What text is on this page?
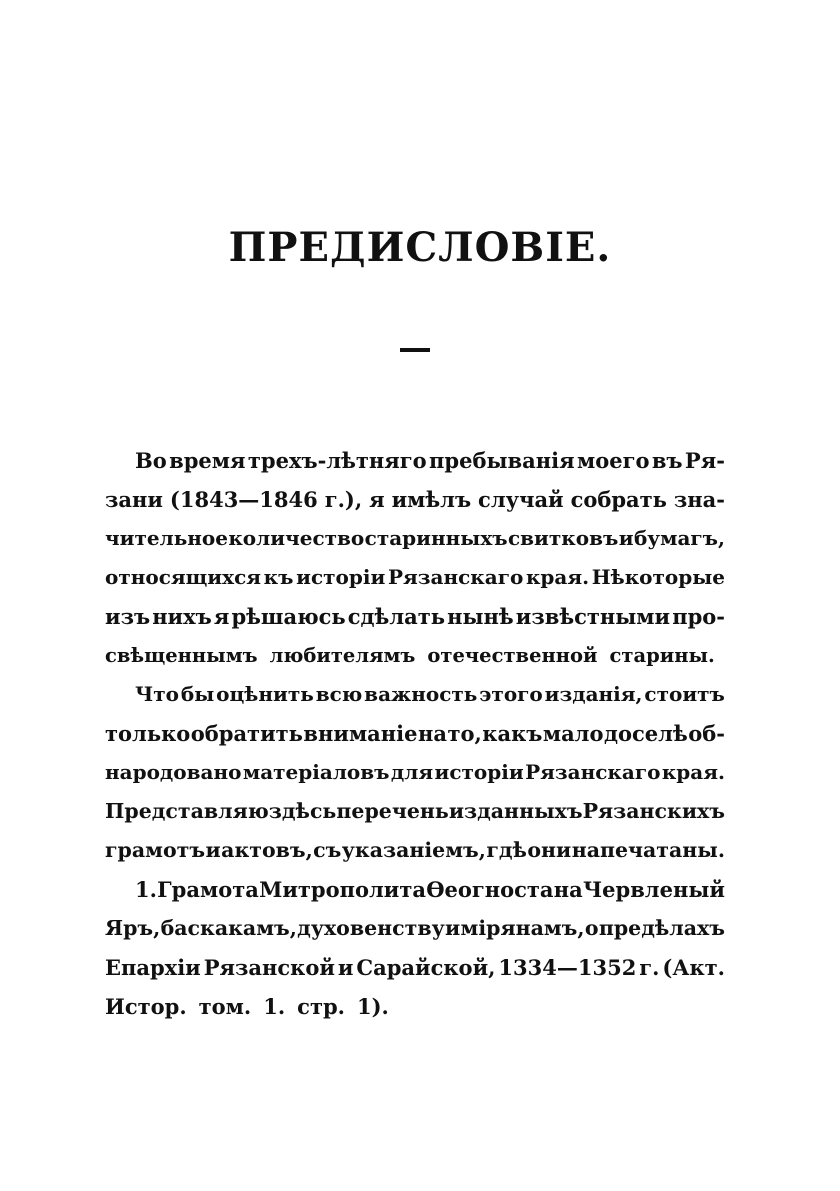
ПРЕДИСЛОВІЕ.
Во время трехъ-лѣтняго пребыванія моего въ Ря-
зани (1843—1846 г.), я имѣлъ случай собрать зна-
чительное количество старинныхъ свитковъ и бумагъ,
относящихся къ исторіи Рязанскаго края. Нѣкоторые
изъ нихъ я рѣшаюсь сдѣлать нынѣ извѣстными про-
свѣщеннымъ любителямъ отечественной старины.
Что бы оцѣнить всю важность этого изданія, стоитъ
только обратить вниманіе на то, какъ мало доселѣ об-
народовано матеріаловъ для исторіи Рязанскаго края.
Представляю здѣсь перечень изданныхъ Рязанскихъ
грамотъ и актовъ, съ указаніемъ, гдѣ они напечатаны.
1. Грамота Митрополита Ѳеогноста на Червленый
Яръ, баскакамъ, духовенству и мірянамъ, о предѣлахъ
Епархіи Рязанской и Сарайской, 1334—1352 г. (Акт.
Истор. том. 1. стр. 1).
